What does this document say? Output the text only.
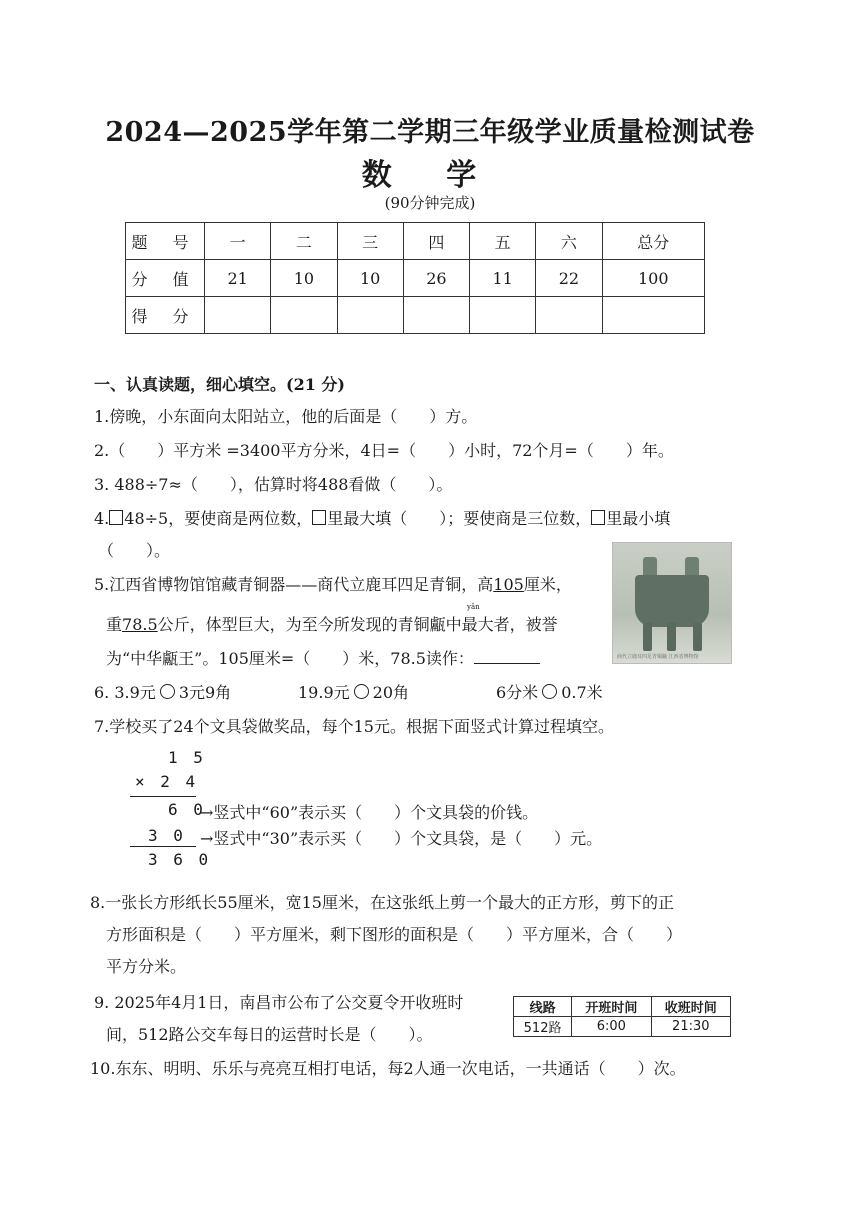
2024—2025学年第二学期三年级学业质量检测试卷
数 学
(90分钟完成)
题 号	一	二	三	四	五	六	总分
分 值	21	10	10	26	11	22	100
得 分							
一、认真读题，细心填空。(21 分)
1.傍晚，小东面向太阳站立，他的后面是（　　）方。
2.（　　）平方米 =3400平方分米，4日=（　　）小时，72个月=（　　）年。
3. 488÷7≈（　　），估算时将488看做（　　）。
4. 48÷5，要使商是两位数， 里最大填（　　）；要使商是三位数， 里最小填
（　　）。
5.江西省博物馆馆藏青铜器——商代立鹿耳四足青铜，高105厘米，
yǎn
重78.5公斤，体型巨大，为至今所发现的青铜甗中最大者，被誉
为“中华甗王”。105厘米=（　　）米，78.5读作：	商代立鹿耳四足青铜甗 江西省博物馆
6. 3.9元 3元9角	19.9元 20角	6分米 0.7米
7.学校买了24个文具袋做奖品，每个15元。根据下面竖式计算过程填空。
1 5
× 2 4
6 0
3 0
3 6 0
→竖式中“60”表示买（　　）个文具袋的价钱。
→竖式中“30”表示买（　　）个文具袋，是（　　）元。
8.一张长方形纸长55厘米，宽15厘米，在这张纸上剪一个最大的正方形，剪下的正
方形面积是（　　）平方厘米，剩下图形的面积是（　　）平方厘米，合（　　）
平方分米。
9. 2025年4月1日，南昌市公布了公交夏令开收班时
间，512路公交车每日的运营时长是（　　）。
线路	开班时间	收班时间
512路	6:00	21:30
10.东东、明明、乐乐与亮亮互相打电话，每2人通一次电话，一共通话（　　）次。
